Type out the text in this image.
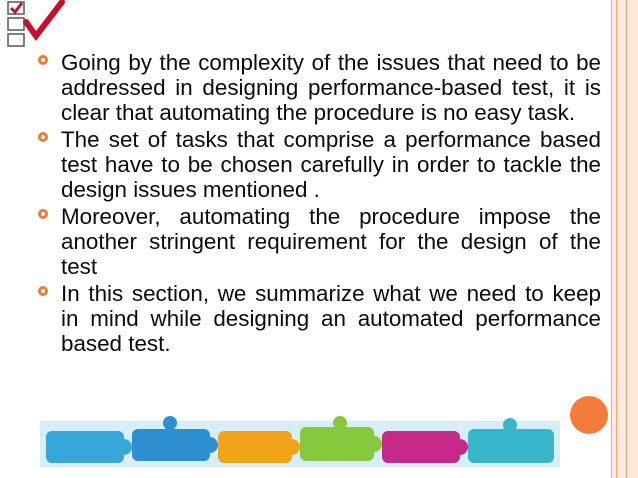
Going by the complexity of the issues that need to be addressed in designing performance-based test, it is clear that automating the procedure is no easy task.
The set of tasks that comprise a performance based test have to be chosen carefully in order to tackle the design issues mentioned .
Moreover, automating the procedure impose the another stringent requirement for the design of the test
In this section, we summarize what we need to keep in mind while designing an automated performance based test.
